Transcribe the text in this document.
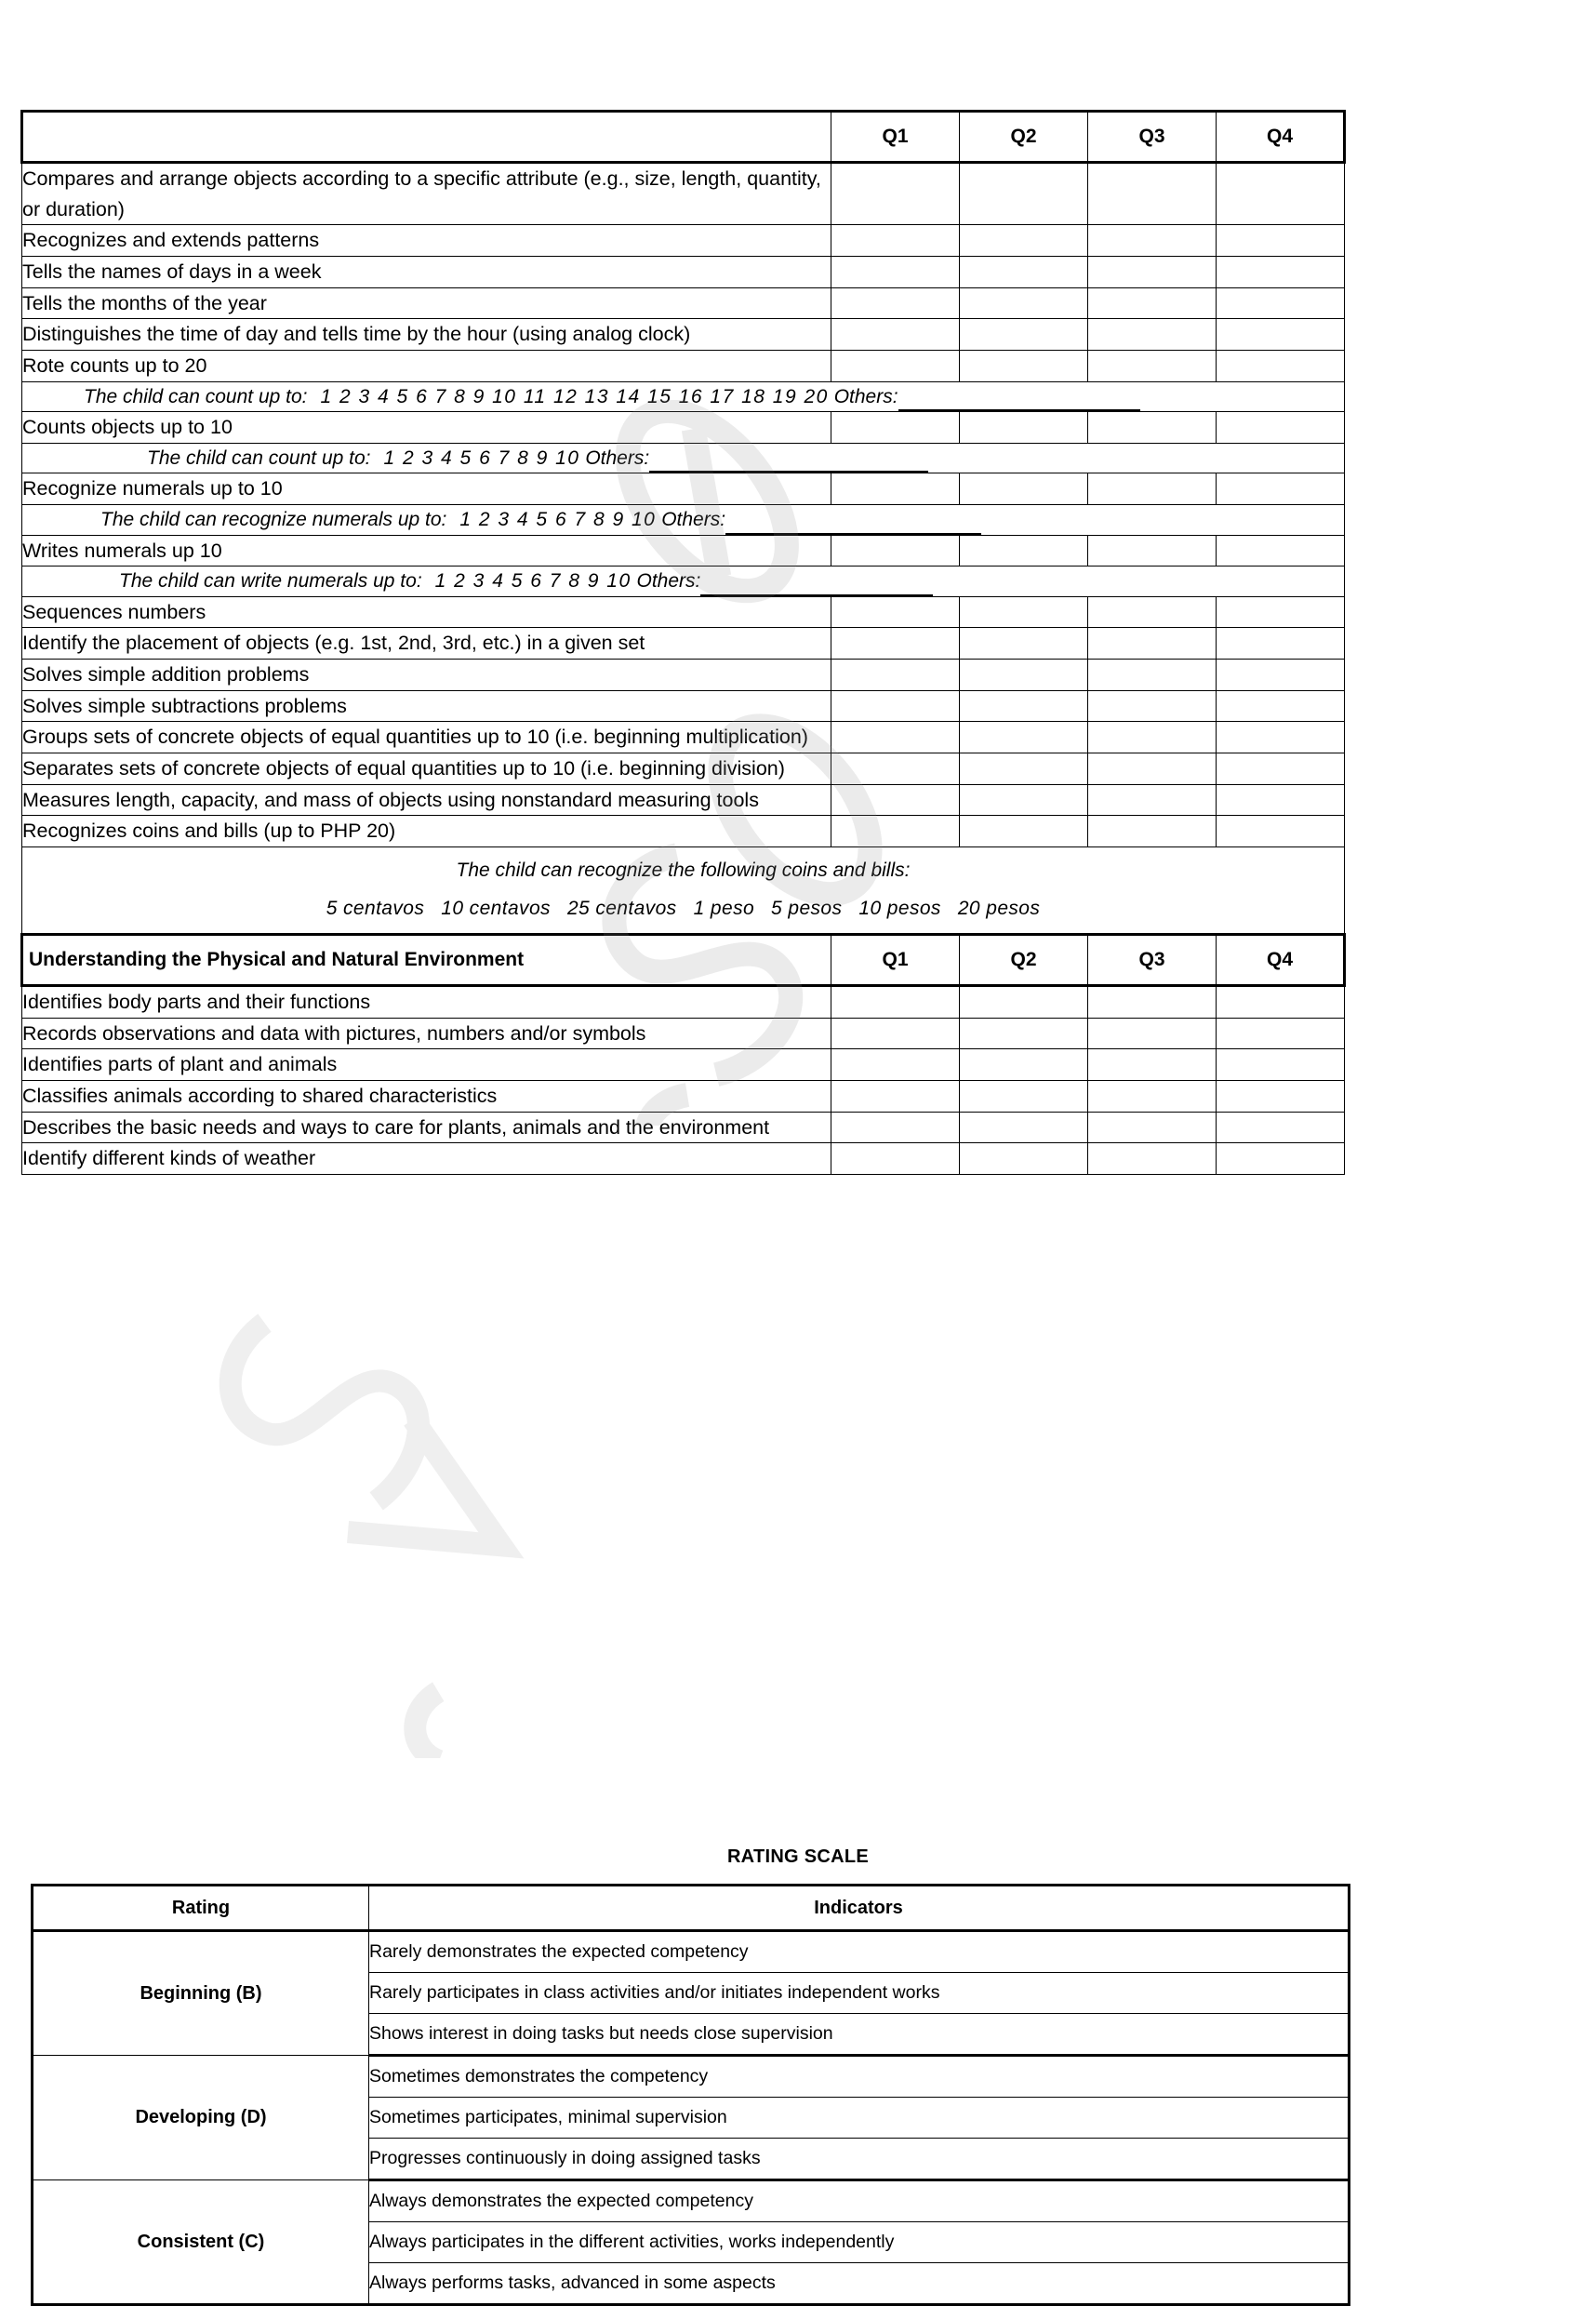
	Q1	Q2	Q3	Q4
Compares and arrange objects according to a specific attribute (e.g., size, length, quantity, or duration)				
Recognizes and extends patterns				
Tells the names of days in a week				
Tells the months of the year				
Distinguishes the time of day and tells time by the hour (using analog clock)				
Rote counts up to 20				
The child can count up to: 1 2 3 4 5 6 7 8 9 10 11 12 13 14 15 16 17 18 19 20 Others:				
Counts objects up to 10				
The child can count up to: 1 2 3 4 5 6 7 8 9 10 Others:				
Recognize numerals up to 10				
The child can recognize numerals up to: 1 2 3 4 5 6 7 8 9 10 Others:				
Writes numerals up 10				
The child can write numerals up to: 1 2 3 4 5 6 7 8 9 10 Others:				
Sequences numbers				
Identify the placement of objects (e.g. 1st, 2nd, 3rd, etc.) in a given set				
Solves simple addition problems				
Solves simple subtractions problems				
Groups sets of concrete objects of equal quantities up to 10 (i.e. beginning multiplication)				
Separates sets of concrete objects of equal quantities up to 10 (i.e. beginning division)				
Measures length, capacity, and mass of objects using nonstandard measuring tools				
Recognizes coins and bills (up to PHP 20)				
The child can recognize the following coins and bills:
5 centavos 10 centavos 25 centavos 1 peso 5 pesos 10 pesos 20 pesos				

Understanding the Physical and Natural Environment	Q1	Q2	Q3	Q4
Identifies body parts and their functions				
Records observations and data with pictures, numbers and/or symbols				
Identifies parts of plant and animals				
Classifies animals according to shared characteristics				
Describes the basic needs and ways to care for plants, animals and the environment				
Identify different kinds of weather				
RATING SCALE
Rating	Indicators
Beginning (B)	Rarely demonstrates the expected competency
	Rarely participates in class activities and/or initiates independent works
	Shows interest in doing tasks but needs close supervision
Developing (D)	Sometimes demonstrates the competency
	Sometimes participates, minimal supervision
	Progresses continuously in doing assigned tasks
Consistent (C)	Always demonstrates the expected competency
	Always participates in the different activities, works independently
	Always performs tasks, advanced in some aspects
